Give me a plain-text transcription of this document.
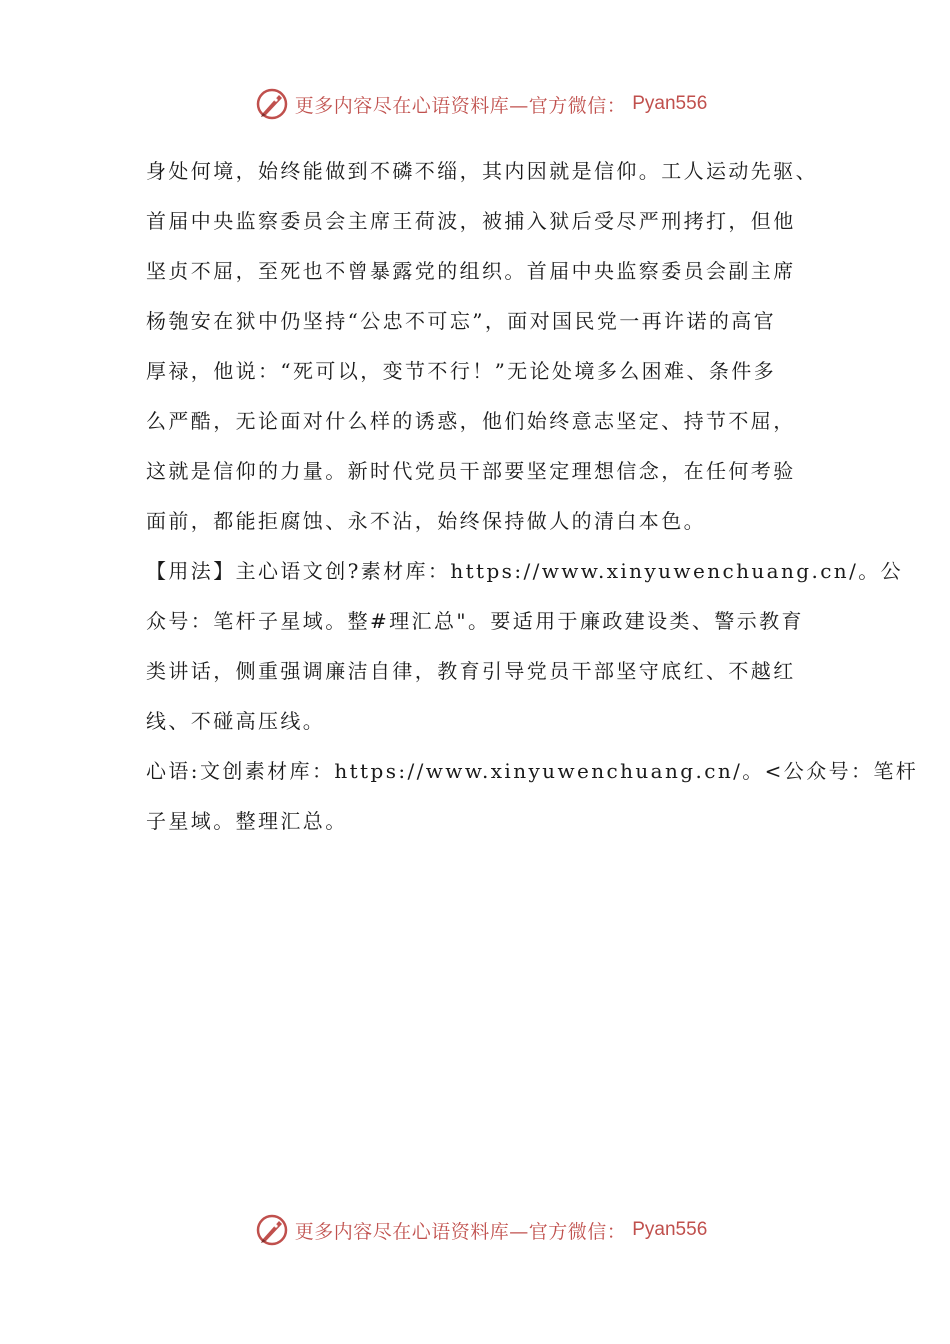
更多内容尽在心语资料库—官方微信： Pyan556
身处何境，始终能做到不磷不缁，其内因就是信仰。工人运动先驱、
首届中央监察委员会主席王荷波，被捕入狱后受尽严刑拷打，但他
坚贞不屈，至死也不曾暴露党的组织。首届中央监察委员会副主席
杨匏安在狱中仍坚持“公忠不可忘”，面对国民党一再许诺的高官
厚禄，他说：“死可以，变节不行！”无论处境多么困难、条件多
么严酷，无论面对什么样的诱惑，他们始终意志坚定、持节不屈，
这就是信仰的力量。新时代党员干部要坚定理想信念，在任何考验
面前，都能拒腐蚀、永不沾，始终保持做人的清白本色。
【用法】主心语文创?素材库：https://www.xinyuwenchuang.cn/。公
众号：笔杆子星域。整#理汇总"。要适用于廉政建设类、警示教育
类讲话，侧重强调廉洁自律，教育引导党员干部坚守底红、不越红
线、不碰高压线。
心语:文创素材库：https://www.xinyuwenchuang.cn/。<公众号：笔杆
子星域。整理汇总。
更多内容尽在心语资料库—官方微信： Pyan556
